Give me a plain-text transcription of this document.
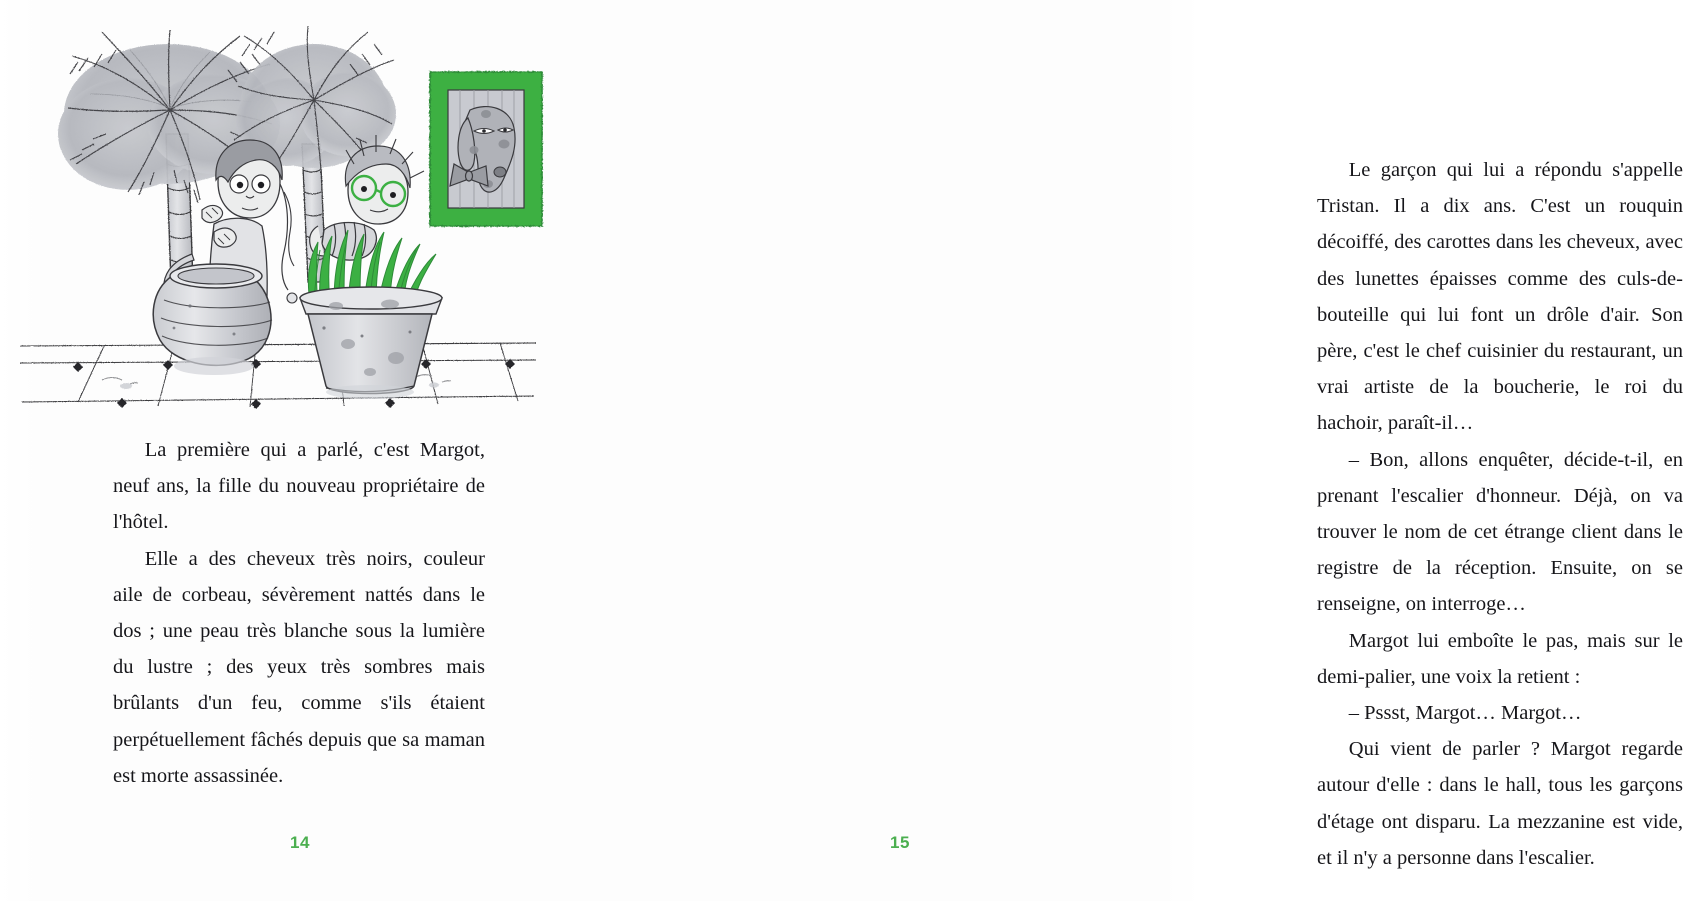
La première qui a parlé, c'est Margot, neuf ans, la fille du nouveau propriétaire de l'hôtel.

Elle a des cheveux très noirs, couleur aile de corbeau, sévèrement nattés dans le dos ; une peau très blanche sous la lumière du lustre ; des yeux très sombres mais brûlants d'un feu, comme s'ils étaient perpétuellement fâchés depuis que sa maman est morte assassinée.

14

Le garçon qui lui a répondu s'appelle Tristan. Il a dix ans. C'est un rouquin décoiffé, des carottes dans les cheveux, avec des lunettes épaisses comme des culs-de-bouteille qui lui font un drôle d'air. Son père, c'est le chef cuisinier du restaurant, un vrai artiste de la boucherie, le roi du hachoir, paraît-il…

– Bon, allons enquêter, décide-t-il, en prenant l'escalier d'honneur. Déjà, on va trouver le nom de cet étrange client dans le registre de la réception. Ensuite, on se renseigne, on interroge…

Margot lui emboîte le pas, mais sur le demi-palier, une voix la retient :

– Pssst, Margot… Margot…

Qui vient de parler ? Margot regarde autour d'elle : dans le hall, tous les garçons d'étage ont disparu. La mezzanine est vide, et il n'y a personne dans l'escalier.

15
